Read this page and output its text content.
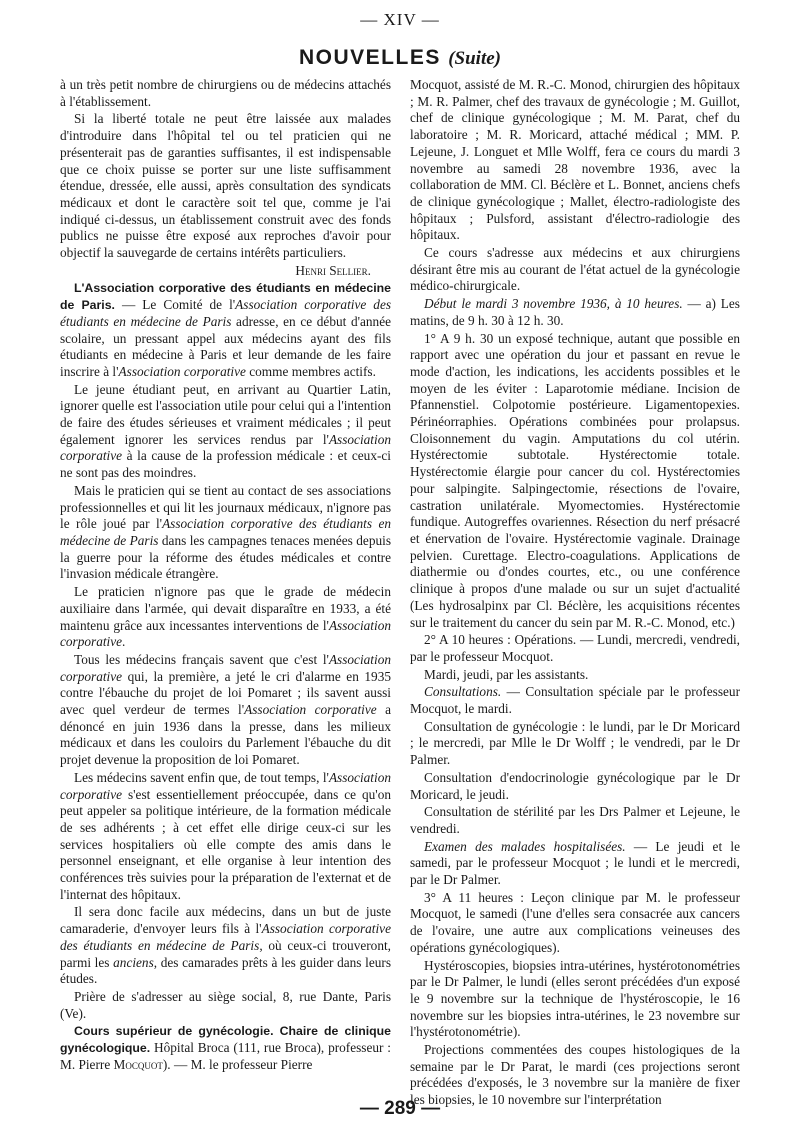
— XIV —
NOUVELLES (Suite)

à un très petit nombre de chirurgiens ou de médecins attachés à l'établissement.

Si la liberté totale ne peut être laissée aux malades d'introduire dans l'hôpital tel ou tel praticien qui ne présenterait pas de garanties suffisantes, il est indispensable que ce choix puisse se porter sur une liste suffisamment étendue, dressée, elle aussi, après consultation des syndicats médicaux et dont le caractère soit tel que, comme je l'ai indiqué ci-dessus, un établissement construit avec des fonds publics ne puisse être exposé aux reproches d'avoir pour objectif la sauvegarde de certains intérêts particuliers.

Henri Sellier.

L'Association corporative des étudiants en médecine de Paris. — Le Comité de l'Association corporative des étudiants en médecine de Paris adresse, en ce début d'année scolaire, un pressant appel aux médecins ayant des fils étudiants en médecine à Paris et leur demande de les faire inscrire à l'Association corporative comme membres actifs.

Le jeune étudiant peut, en arrivant au Quartier Latin, ignorer quelle est l'association utile pour celui qui a l'intention de faire des études sérieuses et vraiment médicales ; il peut également ignorer les services rendus par l'Association corporative à la cause de la profession médicale : et ceux-ci ne sont pas des moindres.

Mais le praticien qui se tient au contact de ses associations professionnelles et qui lit les journaux médicaux, n'ignore pas le rôle joué par l'Association corporative des étudiants en médecine de Paris dans les campagnes tenaces menées depuis la guerre pour la réforme des études médicales et contre l'invasion médicale étrangère.

Le praticien n'ignore pas que le grade de médecin auxiliaire dans l'armée, qui devait disparaître en 1933, a été maintenu grâce aux incessantes interventions de l'Association corporative.

Tous les médecins français savent que c'est l'Association corporative qui, la première, a jeté le cri d'alarme en 1935 contre l'ébauche du projet de loi Pomaret ; ils savent aussi avec quel verdeur de termes l'Association corporative a dénoncé en juin 1936 dans la presse, dans les milieux médicaux et dans les couloirs du Parlement l'ébauche du dit projet devenue la proposition de loi Pomaret.

Les médecins savent enfin que, de tout temps, l'Association corporative s'est essentiellement préoccupée, dans ce qu'on peut appeler sa politique intérieure, de la formation médicale de ses adhérents ; à cet effet elle dirige ceux-ci sur les services hospitaliers où elle compte des amis dans le personnel enseignant, et elle organise à leur intention des conférences très suivies pour la préparation de l'externat et de l'internat des hôpitaux.

Il sera donc facile aux médecins, dans un but de juste camaraderie, d'envoyer leurs fils à l'Association corporative des étudiants en médecine de Paris, où ceux-ci trouveront, parmi les anciens, des camarades prêts à les guider dans leurs études.

Prière de s'adresser au siège social, 8, rue Dante, Paris (Ve).

Cours supérieur de gynécologie. Chaire de clinique gynécologique. Hôpital Broca (111, rue Broca), professeur : M. Pierre Mocquot). — M. le professeur Pierre

Mocquot, assisté de M. R.-C. Monod, chirurgien des hôpitaux ; M. R. Palmer, chef des travaux de gynécologie ; M. Guillot, chef de clinique gynécologique ; M. M. Parat, chef du laboratoire ; M. R. Moricard, attaché médical ; MM. P. Lejeune, J. Longuet et Mlle Wolff, fera ce cours du mardi 3 novembre au samedi 28 novembre 1936, avec la collaboration de MM. Cl. Béclère et L. Bonnet, anciens chefs de clinique gynécologique ; Mallet, électro-radiologiste des hôpitaux ; Pulsford, assistant d'électro-radiologie des hôpitaux.

Ce cours s'adresse aux médecins et aux chirurgiens désirant être mis au courant de l'état actuel de la gynécologie médico-chirurgicale.

Début le mardi 3 novembre 1936, à 10 heures. — a) Les matins, de 9 h. 30 à 12 h. 30.

1° A 9 h. 30 un exposé technique, autant que possible en rapport avec une opération du jour et passant en revue le mode d'action, les indications, les accidents possibles et le moyen de les éviter : Laparotomie médiane. Incision de Pfannenstiel. Colpotomie postérieure. Ligamentopexies. Périnéorraphies. Opérations combinées pour prolapsus. Cloisonnement du vagin. Amputations du col utérin. Hystérectomie subtotale. Hystérectomie totale. Hystérectomie élargie pour cancer du col. Hystérectomies pour salpingite. Salpingectomie, résections de l'ovaire, castration unilatérale. Myomectomies. Hystérectomie fundique. Autogreffes ovariennes. Résection du nerf présacré et énervation de l'ovaire. Hystérectomie vaginale. Drainage pelvien. Curettage. Electro-coagulations. Applications de diathermie ou d'ondes courtes, etc., ou une conférence clinique à propos d'une malade ou sur un sujet d'actualité (Les hydrosalpinx par Cl. Béclère, les acquisitions récentes sur le traitement du cancer du sein par M. R.-C. Monod, etc.)

2° A 10 heures : Opérations. — Lundi, mercredi, vendredi, par le professeur Mocquot.

Mardi, jeudi, par les assistants.

Consultations. — Consultation spéciale par le professeur Mocquot, le mardi.

Consultation de gynécologie : le lundi, par le Dr Moricard ; le mercredi, par Mlle le Dr Wolff ; le vendredi, par le Dr Palmer.

Consultation d'endocrinologie gynécologique par le Dr Moricard, le jeudi.

Consultation de stérilité par les Drs Palmer et Lejeune, le vendredi.

Examen des malades hospitalisées. — Le jeudi et le samedi, par le professeur Mocquot ; le lundi et le mercredi, par le Dr Palmer.

3° A 11 heures : Leçon clinique par M. le professeur Mocquot, le samedi (l'une d'elles sera consacrée aux cancers de l'ovaire, une autre aux complications veineuses des opérations gynécologiques).

Hystéroscopies, biopsies intra-utérines, hystérotonométries par le Dr Palmer, le lundi (elles seront précédées d'un exposé le 9 novembre sur la technique de l'hystéroscopie, le 16 novembre sur les biopsies intra-utérines, le 23 novembre sur l'hystérotonométrie).

Projections commentées des coupes histologiques de la semaine par le Dr Parat, le mardi (ces projections seront précédées d'exposés, le 3 novembre sur la manière de fixer les biopsies, le 10 novembre sur l'interprétation

— 289 —
